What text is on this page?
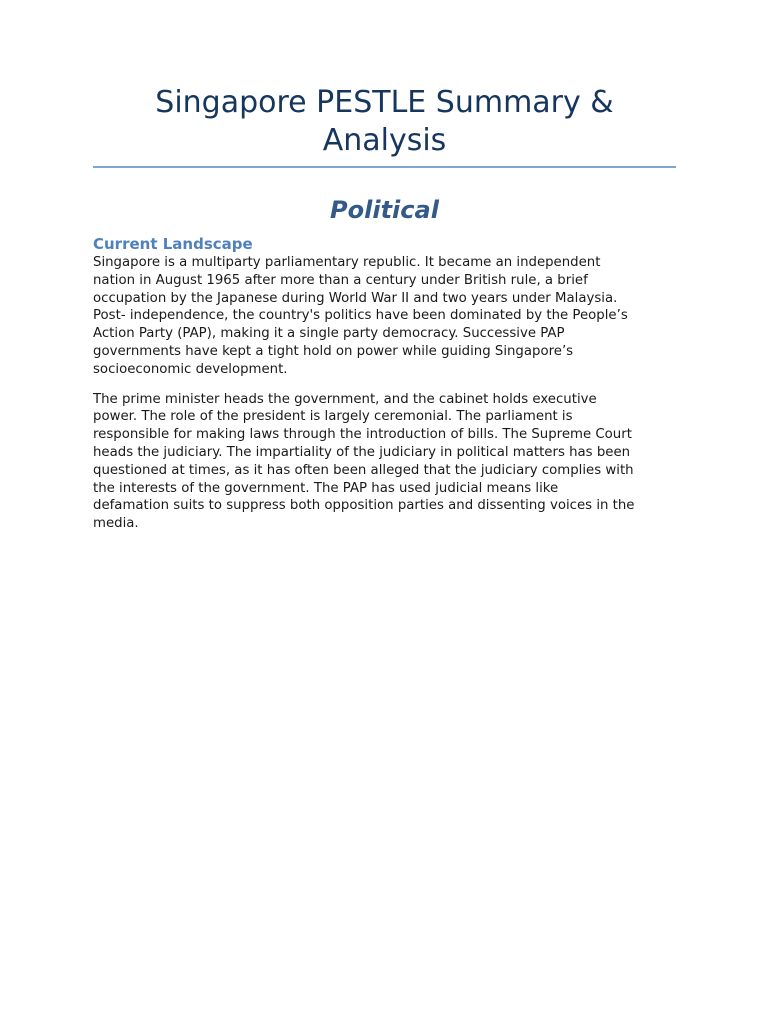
Singapore PESTLE Summary & Analysis
Political
Current Landscape

Singapore is a multiparty parliamentary republic. It became an independent
nation in August 1965 after more than a century under British rule, a brief
occupation by the Japanese during World War II and two years under Malaysia.
Post- independence, the country's politics have been dominated by the People’s
Action Party (PAP), making it a single party democracy. Successive PAP
governments have kept a tight hold on power while guiding Singapore’s
socioeconomic development.

The prime minister heads the government, and the cabinet holds executive
power. The role of the president is largely ceremonial. The parliament is
responsible for making laws through the introduction of bills. The Supreme Court
heads the judiciary. The impartiality of the judiciary in political matters has been
questioned at times, as it has often been alleged that the judiciary complies with
the interests of the government. The PAP has used judicial means like
defamation suits to suppress both opposition parties and dissenting voices in the
media.
